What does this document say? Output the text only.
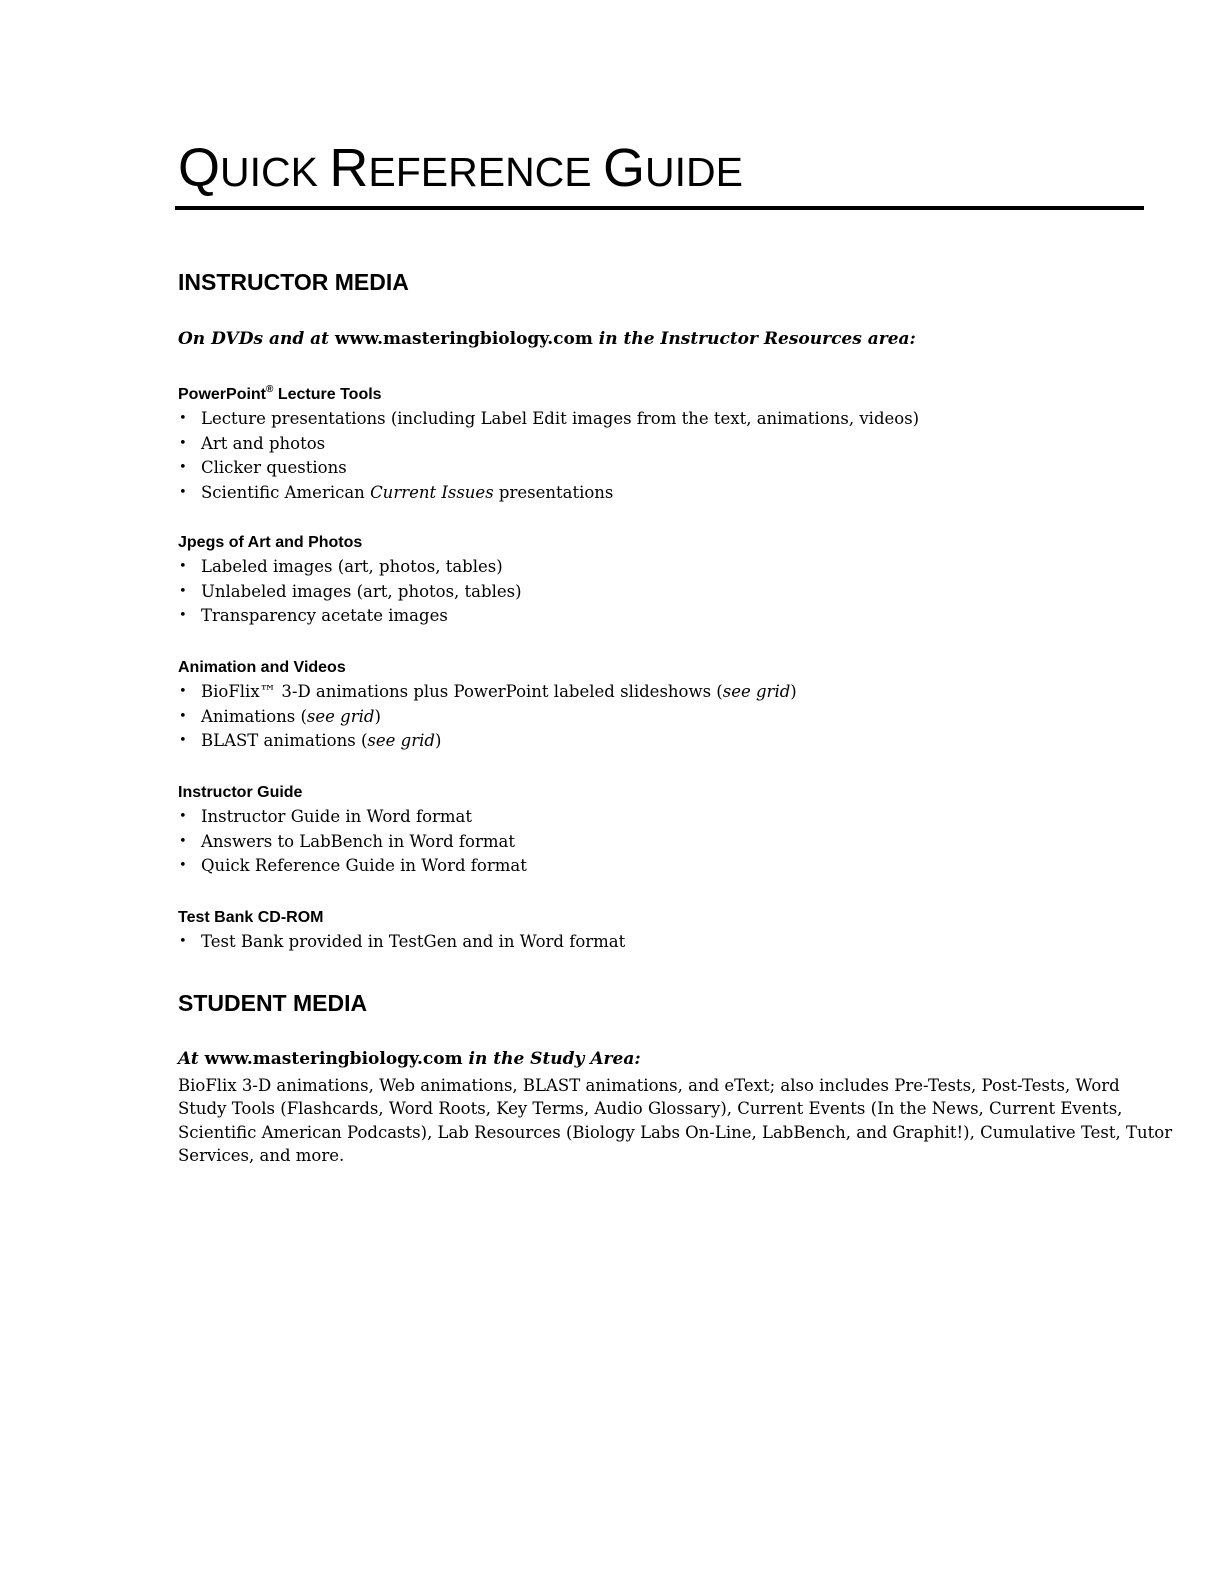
QUICK REFERENCE GUIDE
INSTRUCTOR MEDIA

On DVDs and at www.masteringbiology.com in the Instructor Resources area:

PowerPoint® Lecture Tools

• Lecture presentations (including Label Edit images from the text, animations, videos)
• Art and photos
• Clicker questions
• Scientific American Current Issues presentations

Jpegs of Art and Photos

• Labeled images (art, photos, tables)
• Unlabeled images (art, photos, tables)
• Transparency acetate images

Animation and Videos

• BioFlix™ 3-D animations plus PowerPoint labeled slideshows (see grid)
• Animations (see grid)
• BLAST animations (see grid)

Instructor Guide

• Instructor Guide in Word format
• Answers to LabBench in Word format
• Quick Reference Guide in Word format

Test Bank CD-ROM

• Test Bank provided in TestGen and in Word format
STUDENT MEDIA

At www.masteringbiology.com in the Study Area:

BioFlix 3-D animations, Web animations, BLAST animations, and eText; also includes Pre-Tests, Post-Tests, Word
Study Tools (Flashcards, Word Roots, Key Terms, Audio Glossary), Current Events (In the News, Current Events,
Scientific American Podcasts), Lab Resources (Biology Labs On-Line, LabBench, and Graphit!), Cumulative Test, Tutor
Services, and more.
